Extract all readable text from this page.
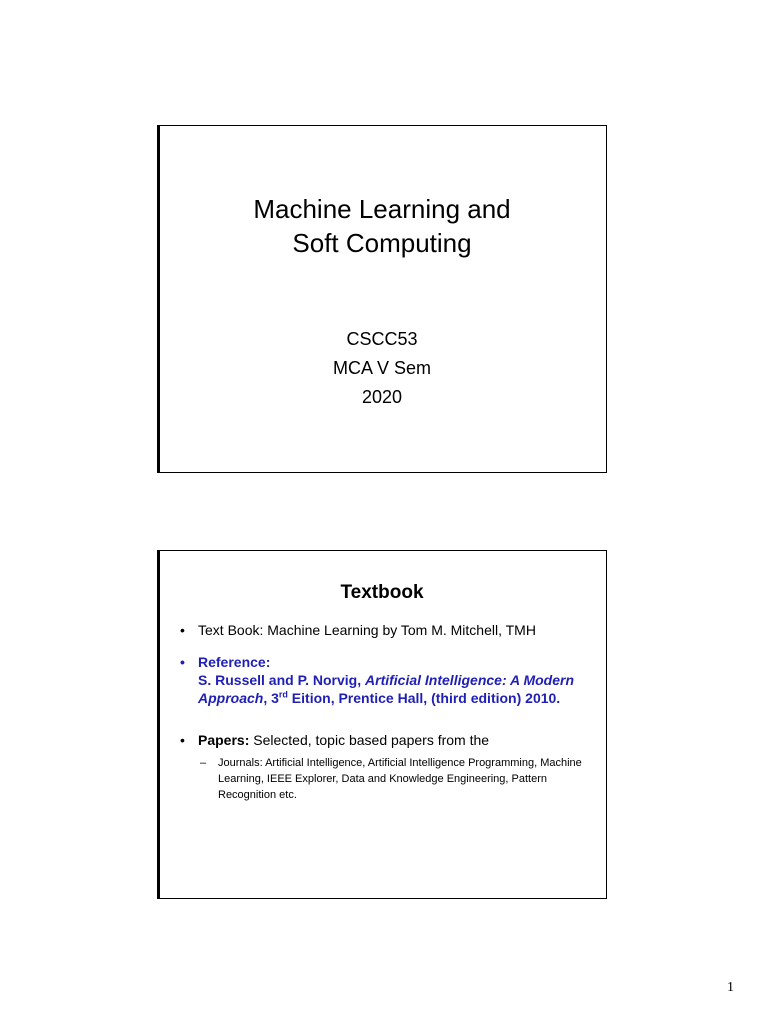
Machine Learning and
Soft Computing
CSCC53
MCA V Sem
2020
Textbook
• Text Book: Machine Learning by Tom M. Mitchell, TMH
• Reference:
S. Russell and P. Norvig, Artificial Intelligence: A Modern Approach, 3rd Eition, Prentice Hall, (third edition) 2010.
• Papers: Selected, topic based papers from the
– Journals: Artificial Intelligence, Artificial Intelligence Programming, Machine Learning, IEEE Explorer, Data and Knowledge Engineering, Pattern Recognition etc.
1
